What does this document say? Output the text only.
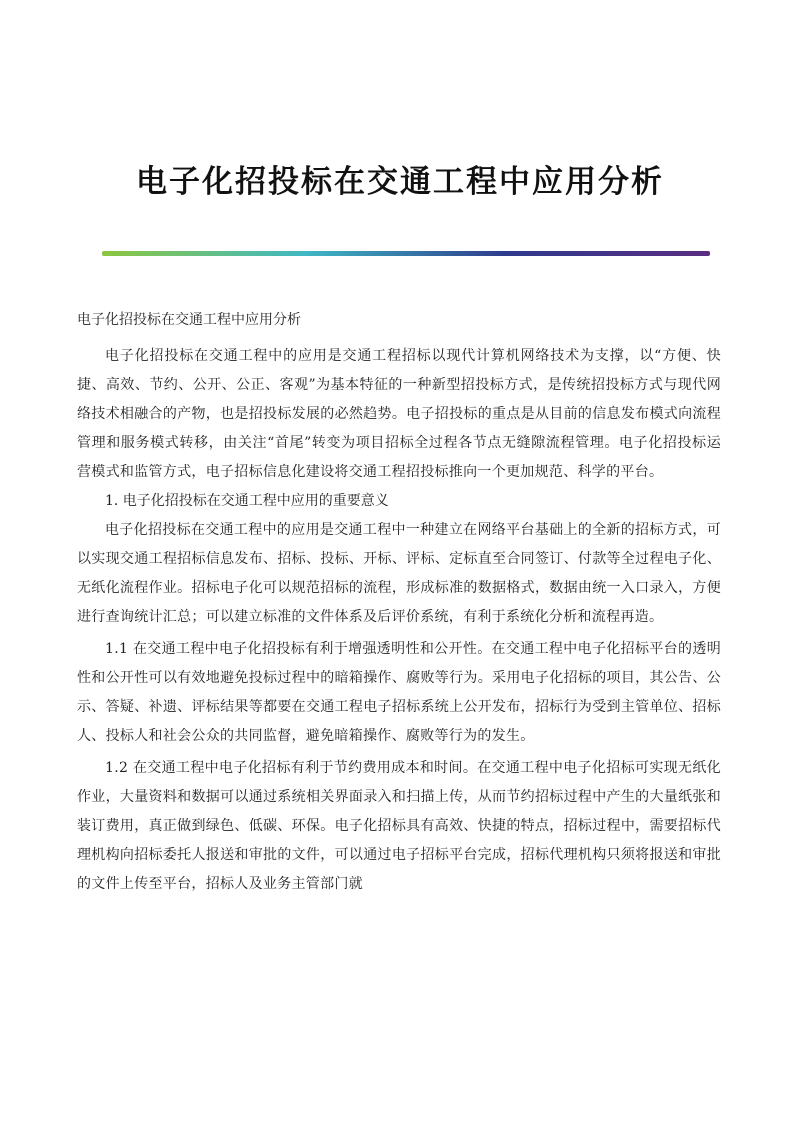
电子化招投标在交通工程中应用分析

电子化招投标在交通工程中应用分析

电子化招投标在交通工程中的应用是交通工程招标以现代计算机网络技术为支撑，以“方便、快捷、高效、节约、公开、公正、客观”为基本特征的一种新型招投标方式，是传统招投标方式与现代网络技术相融合的产物，也是招投标发展的必然趋势。电子招投标的重点是从目前的信息发布模式向流程管理和服务模式转移，由关注“首尾”转变为项目招标全过程各节点无缝隙流程管理。电子化招投标运营模式和监管方式，电子招标信息化建设将交通工程招投标推向一个更加规范、科学的平台。

1. 电子化招投标在交通工程中应用的重要意义

电子化招投标在交通工程中的应用是交通工程中一种建立在网络平台基础上的全新的招标方式，可以实现交通工程招标信息发布、招标、投标、开标、评标、定标直至合同签订、付款等全过程电子化、无纸化流程作业。招标电子化可以规范招标的流程，形成标准的数据格式，数据由统一入口录入，方便进行查询统计汇总；可以建立标准的文件体系及后评价系统，有利于系统化分析和流程再造。

1.1 在交通工程中电子化招投标有利于增强透明性和公开性。在交通工程中电子化招标平台的透明性和公开性可以有效地避免投标过程中的暗箱操作、腐败等行为。采用电子化招标的项目，其公告、公示、答疑、补遗、评标结果等都要在交通工程电子招标系统上公开发布，招标行为受到主管单位、招标人、投标人和社会公众的共同监督，避免暗箱操作、腐败等行为的发生。

1.2 在交通工程中电子化招标有利于节约费用成本和时间。在交通工程中电子化招标可实现无纸化作业，大量资料和数据可以通过系统相关界面录入和扫描上传，从而节约招标过程中产生的大量纸张和装订费用，真正做到绿色、低碳、环保。电子化招标具有高效、快捷的特点，招标过程中，需要招标代理机构向招标委托人报送和审批的文件，可以通过电子招标平台完成，招标代理机构只须将报送和审批的文件上传至平台，招标人及业务主管部门就
